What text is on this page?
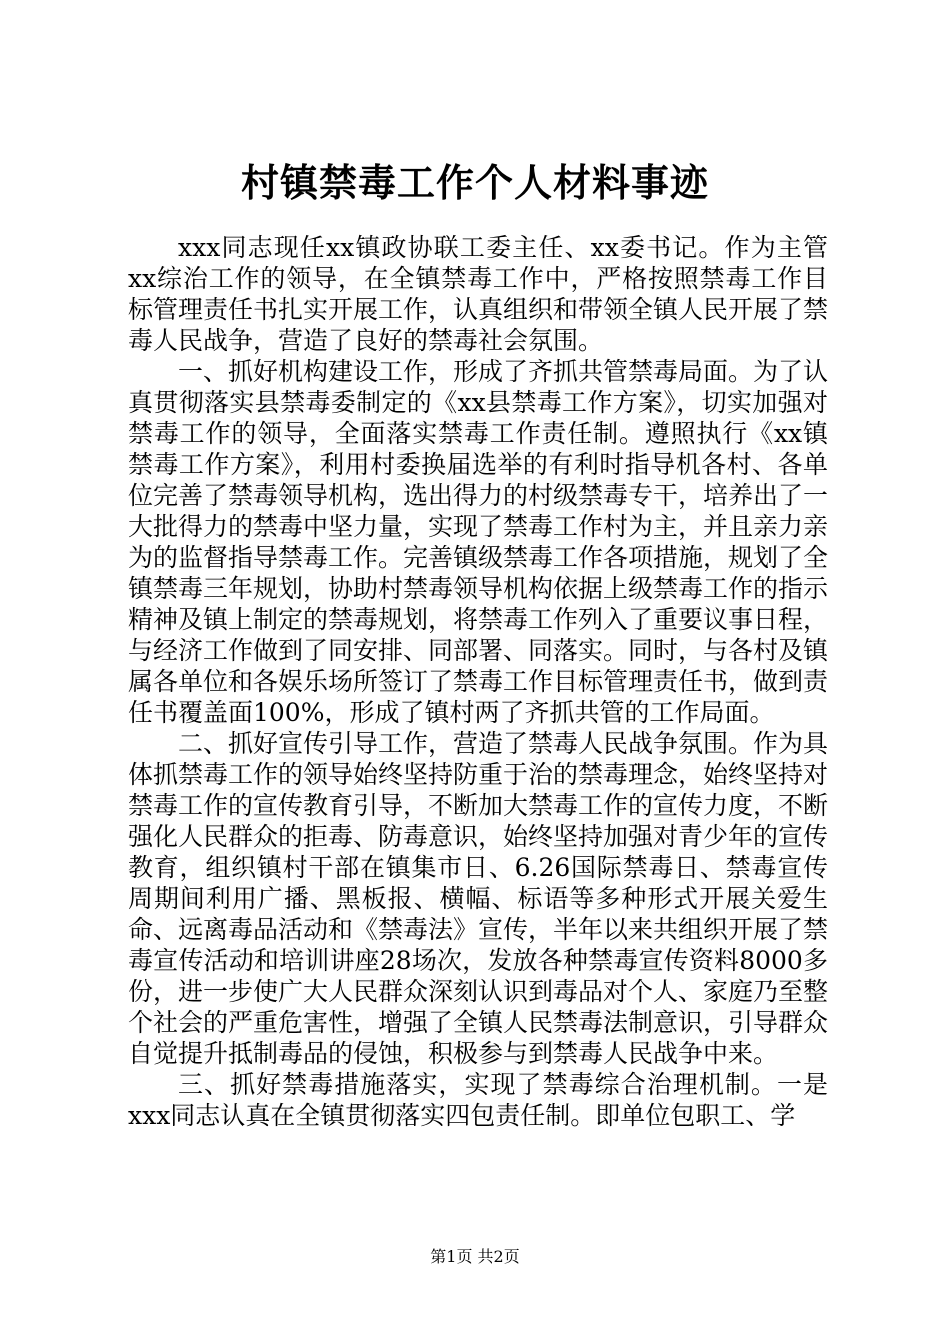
村镇禁毒工作个人材料事迹

xxx同志现任xx镇政协联工委主任、xx委书记。作为主管xx综治工作的领导，在全镇禁毒工作中，严格按照禁毒工作目标管理责任书扎实开展工作，认真组织和带领全镇人民开展了禁毒人民战争，营造了良好的禁毒社会氛围。

一、抓好机构建设工作，形成了齐抓共管禁毒局面。为了认真贯彻落实县禁毒委制定的《xx县禁毒工作方案》，切实加强对禁毒工作的领导，全面落实禁毒工作责任制。遵照执行《xx镇禁毒工作方案》，利用村委换届选举的有利时指导机各村、各单位完善了禁毒领导机构，选出得力的村级禁毒专干，培养出了一大批得力的禁毒中坚力量，实现了禁毒工作村为主，并且亲力亲为的监督指导禁毒工作。完善镇级禁毒工作各项措施，规划了全镇禁毒三年规划，协助村禁毒领导机构依据上级禁毒工作的指示精神及镇上制定的禁毒规划，将禁毒工作列入了重要议事日程，与经济工作做到了同安排、同部署、同落实。同时，与各村及镇属各单位和各娱乐场所签订了禁毒工作目标管理责任书，做到责任书覆盖面100%，形成了镇村两了齐抓共管的工作局面。

二、抓好宣传引导工作，营造了禁毒人民战争氛围。作为具体抓禁毒工作的领导始终坚持防重于治的禁毒理念，始终坚持对禁毒工作的宣传教育引导，不断加大禁毒工作的宣传力度，不断强化人民群众的拒毒、防毒意识，始终坚持加强对青少年的宣传教育，组织镇村干部在镇集市日、6.26国际禁毒日、禁毒宣传周期间利用广播、黑板报、横幅、标语等多种形式开展关爱生命、远离毒品活动和《禁毒法》宣传，半年以来共组织开展了禁毒宣传活动和培训讲座28场次，发放各种禁毒宣传资料8000多份，进一步使广大人民群众深刻认识到毒品对个人、家庭乃至整个社会的严重危害性，增强了全镇人民禁毒法制意识，引导群众自觉提升抵制毒品的侵蚀，积极参与到禁毒人民战争中来。

三、抓好禁毒措施落实，实现了禁毒综合治理机制。一是xxx同志认真在全镇贯彻落实四包责任制。即单位包职工、学

第1页 共2页
